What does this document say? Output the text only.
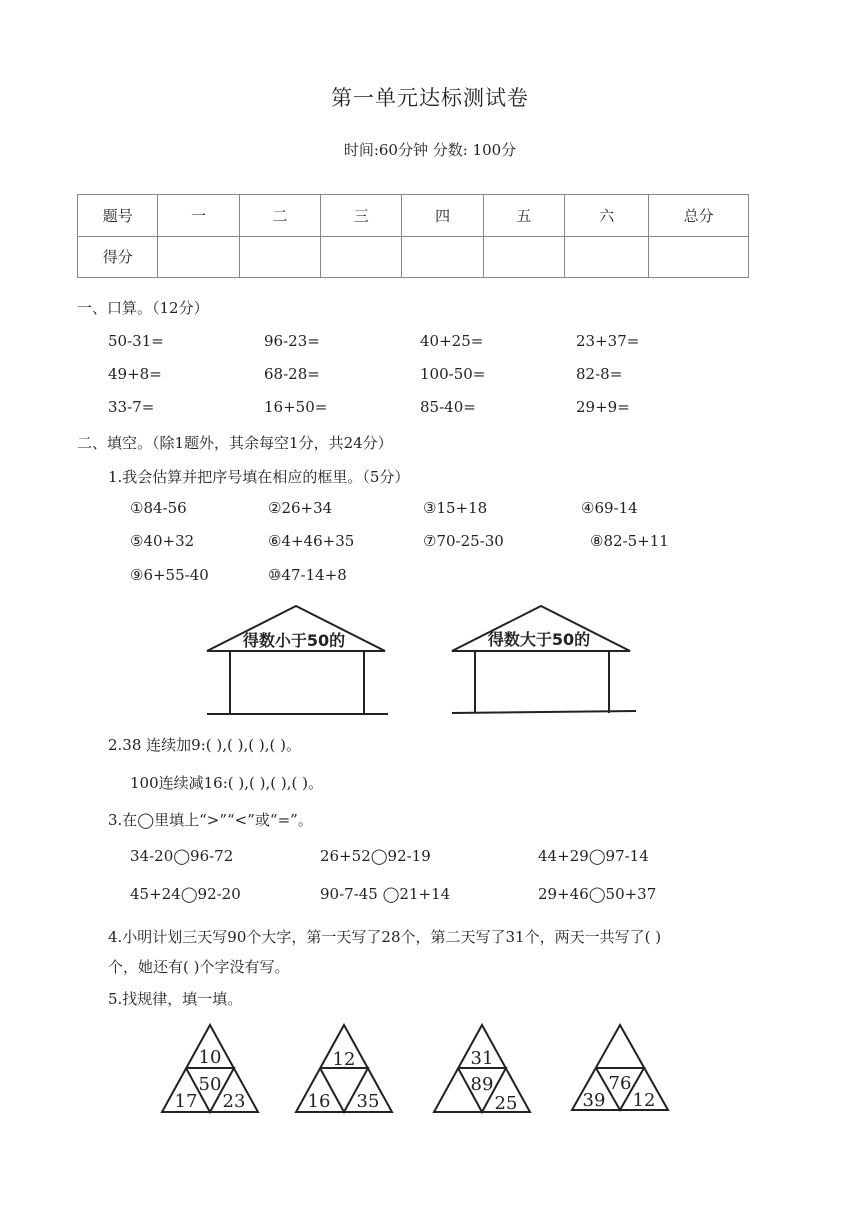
第一单元达标测试卷
时间:60分钟 分数: 100分
题号	一	二	三	四	五	六	总分
得分							
一、口算。（12分）
50-31=	96-23=	40+25=	23+37=
49+8=	68-28=	100-50=	82-8=
33-7=	16+50=	85-40=	29+9=
二、填空。（除1题外，其余每空1分，共24分）
1.我会估算并把序号填在相应的框里。（5分）
①84-56	②26+34	③15+18	④69-14
⑤40+32	⑥4+46+35	⑦70-25-30	⑧82-5+11
⑨6+55-40	⑩47-14+8
得数小于50的	得数大于50的
2.38 连续加9:( ),( ),( ),( )。
100连续减16:( ),( ),( ),( )。
3.在◯里填上“>”“<”或“=”。
34-20◯96-72	26+52◯92-19	44+29◯97-14
45+24◯92-20	90-7-45 ◯21+14	29+46◯50+37
4.小明计划三天写90个大字，第一天写了28个，第二天写了31个，两天一共写了( )
个，她还有( )个字没有写。
5.找规律，填一填。
10
50
17 23
12
16 35
31
89
25
76
39 12
